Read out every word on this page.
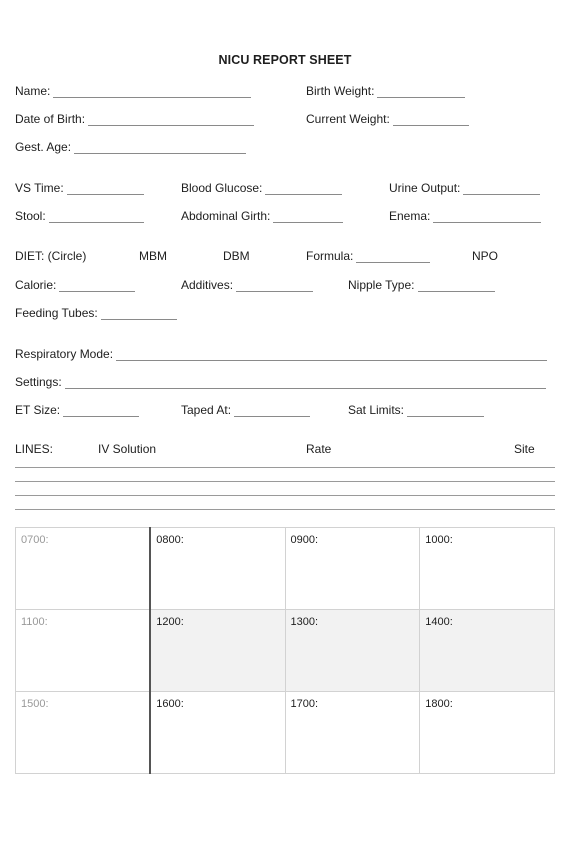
NICU REPORT SHEET
Name:	Birth Weight:
Date of Birth:	Current Weight:
Gest. Age:
VS Time:	Blood Glucose:	Urine Output:
Stool:	Abdominal Girth:	Enema:
DIET: (Circle)	MBM	DBM	Formula:	NPO
Calorie:	Additives:	Nipple Type:
Feeding Tubes:
Respiratory Mode:
Settings:
ET Size:	Taped At:	Sat Limits:
LINES:	IV Solution	Rate	Site
0700:	0800:	0900:	1000:
1100:	1200:	1300:	1400:
1500:	1600:	1700:	1800:
